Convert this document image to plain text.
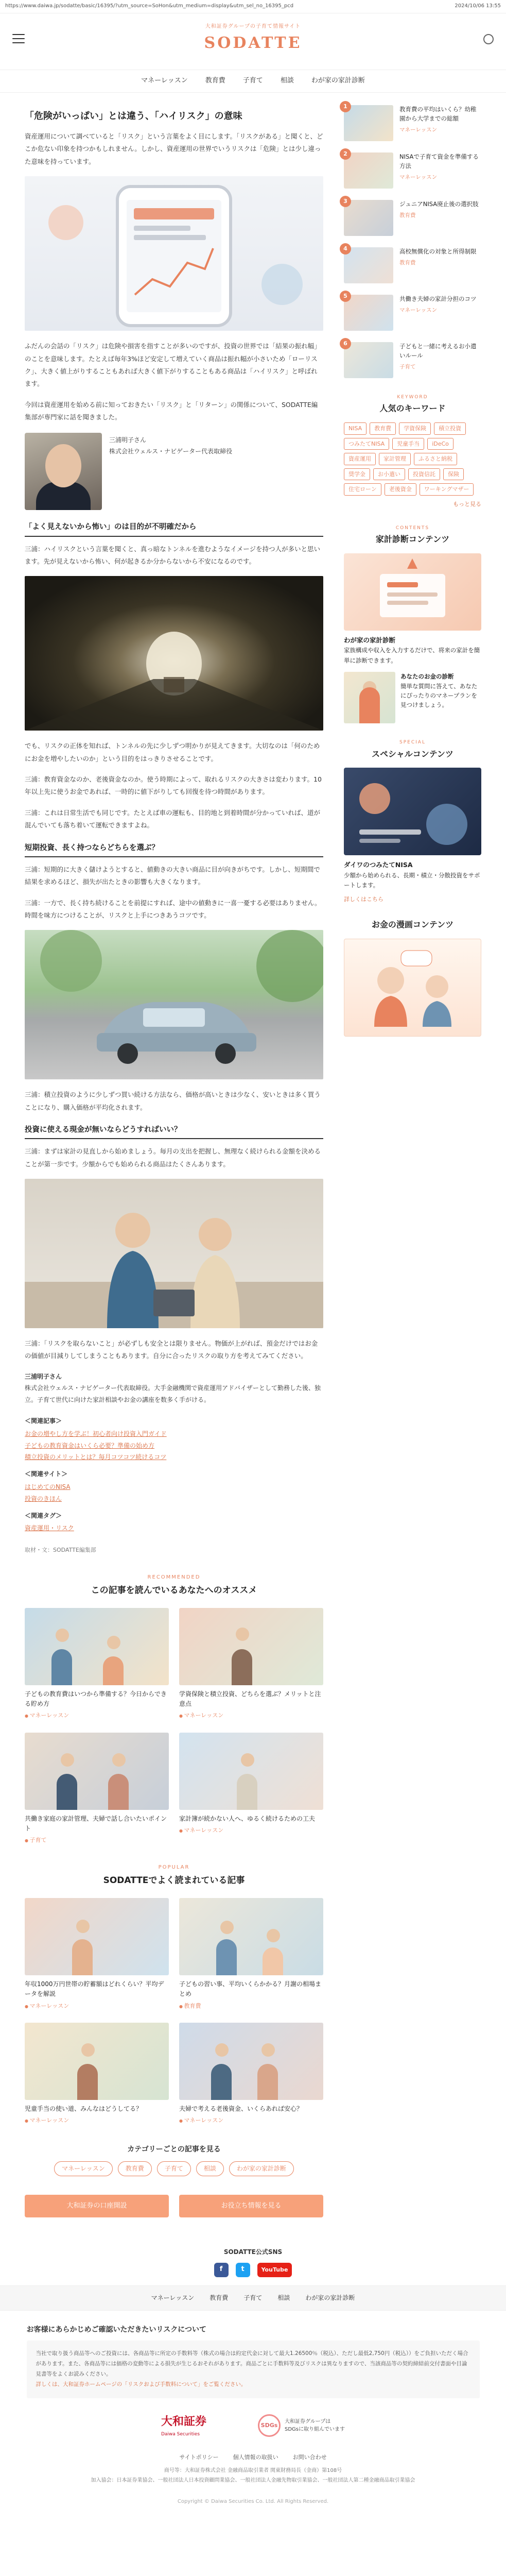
https://www.daiwa.jp/sodatte/basic/16395/?utm_source=SoHon&utm_medium=display&utm_sel_no_16395_pcd	2024/10/06 13:55
大和証券グループの子育て情報サイト
SODATTE
マネーレッスン	教育費	子育て	相談	わが家の家計診断
「危険がいっぱい」とは違う、「ハイリスク」の意味

資産運用について調べていると「リスク」という言葉をよく目にします。「リスクがある」と聞くと、どこか危ない印象を持つかもしれません。しかし、資産運用の世界でいうリスクは「危険」とは少し違った意味を持っています。

ふだんの会話の「リスク」は危険や損害を指すことが多いのですが、投資の世界では「結果の振れ幅」のことを意味します。たとえば毎年3%ほど安定して増えていく商品は振れ幅が小さいため「ローリスク」、大きく値上がりすることもあれば大きく値下がりすることもある商品は「ハイリスク」と呼ばれます。

今回は資産運用を始める前に知っておきたい「リスク」と「リターン」の関係について、SODATTE編集部が専門家に話を聞きました。

三浦明子さん
株式会社ウェルス・ナビゲーター代表取締役
「よく見えないから怖い」のは目的が不明確だから

三浦：ハイリスクという言葉を聞くと、真っ暗なトンネルを進むようなイメージを持つ人が多いと思います。先が見えないから怖い、何が起きるか分からないから不安になるのです。

でも、リスクの正体を知れば、トンネルの先に少しずつ明かりが見えてきます。大切なのは「何のためにお金を増やしたいのか」という目的をはっきりさせることです。

三浦：教育資金なのか、老後資金なのか。使う時期によって、取れるリスクの大きさは変わります。10年以上先に使うお金であれば、一時的に値下がりしても回復を待つ時間があります。

三浦：これは日常生活でも同じです。たとえば車の運転も、目的地と到着時間が分かっていれば、道が混んでいても落ち着いて運転できますよね。

短期投資、長く持つならどちらを選ぶ？

三浦：短期的に大きく儲けようとすると、値動きの大きい商品に目が向きがちです。しかし、短期間で結果を求めるほど、損失が出たときの影響も大きくなります。

三浦：一方で、長く持ち続けることを前提にすれば、途中の値動きに一喜一憂する必要はありません。時間を味方につけることが、リスクと上手につきあうコツです。

三浦：積立投資のように少しずつ買い続ける方法なら、価格が高いときは少なく、安いときは多く買うことになり、購入価格が平均化されます。

投資に使える現金が無いならどうすればいい？

三浦：まずは家計の見直しから始めましょう。毎月の支出を把握し、無理なく続けられる金額を決めることが第一歩です。少額からでも始められる商品はたくさんあります。

三浦：「リスクを取らないこと」が必ずしも安全とは限りません。物価が上がれば、預金だけではお金の価値が目減りしてしまうこともあります。自分に合ったリスクの取り方を考えてみてください。

三浦明子さん
株式会社ウェルス・ナビゲーター代表取締役。大手金融機関で資産運用アドバイザーとして勤務した後、独立。子育て世代に向けた家計相談やお金の講座を数多く手がける。
＜関連記事＞
お金の増やし方を学ぶ！初心者向け投資入門ガイド
子どもの教育資金はいくら必要？準備の始め方
積立投資のメリットとは？毎月コツコツ続けるコツ
＜関連サイト＞
はじめてのNISA
投資のきほん
＜関連タグ＞
資産運用・リスク
取材・文：SODATTE編集部
RECOMMENDED
この記事を読んでいるあなたへのオススメ
子どもの教育費はいつから準備する？今日からできる貯め方
● マネーレッスン
学資保険と積立投資、どちらを選ぶ？メリットと注意点
● マネーレッスン
共働き家庭の家計管理、夫婦で話し合いたいポイント
● 子育て
家計簿が続かない人へ、ゆるく続けるための工夫
● マネーレッスン
POPULAR
SODATTEでよく読まれている記事
年収1000万円世帯の貯蓄額はどれくらい？平均データを解説
● マネーレッスン
子どもの習い事、平均いくらかかる？月謝の相場まとめ
● 教育費
児童手当の使い道、みんなはどうしてる？
● マネーレッスン
夫婦で考える老後資金、いくらあれば安心？
● マネーレッスン
カテゴリーごとの記事を見る
マネーレッスン	教育費	子育て	相談	わが家の家計診断
大和証券の口座開設	お役立ち情報を見る
1	教育費の平均はいくら？幼稚園から大学までの総額
マネーレッスン
2	NISAで子育て資金を準備する方法
マネーレッスン
3	ジュニアNISA廃止後の選択肢
教育費
4	高校無償化の対象と所得制限
教育費
5	共働き夫婦の家計分担のコツ
マネーレッスン
6	子どもと一緒に考えるお小遣いルール
子育て
KEYWORD
人気のキーワード
NISA	教育費	学資保険	積立投資
つみたてNISA	児童手当	iDeCo
資産運用	家計管理	ふるさと納税
奨学金	お小遣い	投資信託	保険
住宅ローン	老後資金	ワーキングマザー
もっと見る
CONTENTS
家計診断コンテンツ
わが家の家計診断
家族構成や収入を入力するだけで、将来の家計を簡単に診断できます。
あなたのお金の診断
簡単な質問に答えて、あなたにぴったりのマネープランを見つけましょう。
SPECIAL
スペシャルコンテンツ
ダイワのつみたてNISA
少額から始められる、長期・積立・分散投資をサポートします。
詳しくはこちら
お金の漫画コンテンツ
SODATTE公式SNS
f	t	YouTube
マネーレッスン	教育費	子育て	相談	わが家の家計診断
お客様にあらかじめご確認いただきたいリスクについて
当社で取り扱う商品等へのご投資には、各商品等に所定の手数料等（株式の場合は約定代金に対して最大1.26500％（税込）、ただし最低2,750円（税込））をご負担いただく場合があります。また、各商品等には価格の変動等による損失が生じるおそれがあります。商品ごとに手数料等及びリスクは異なりますので、当該商品等の契約締結前交付書面や目論見書等をよくお読みください。
詳しくは、大和証券ホームページの「リスクおよび手数料について」をご覧ください。
大和証券
Daiwa Securities
SDGs
大和証券グループは
SDGsに取り組んでいます
サイトポリシー	個人情報の取扱い	お問い合わせ
商号等：大和証券株式会社 金融商品取引業者 関東財務局長（金商）第108号
加入協会：日本証券業協会、一般社団法人日本投資顧問業協会、一般社団法人金融先物取引業協会、一般社団法人第二種金融商品取引業協会
Copyright © Daiwa Securities Co. Ltd. All Rights Reserved.
